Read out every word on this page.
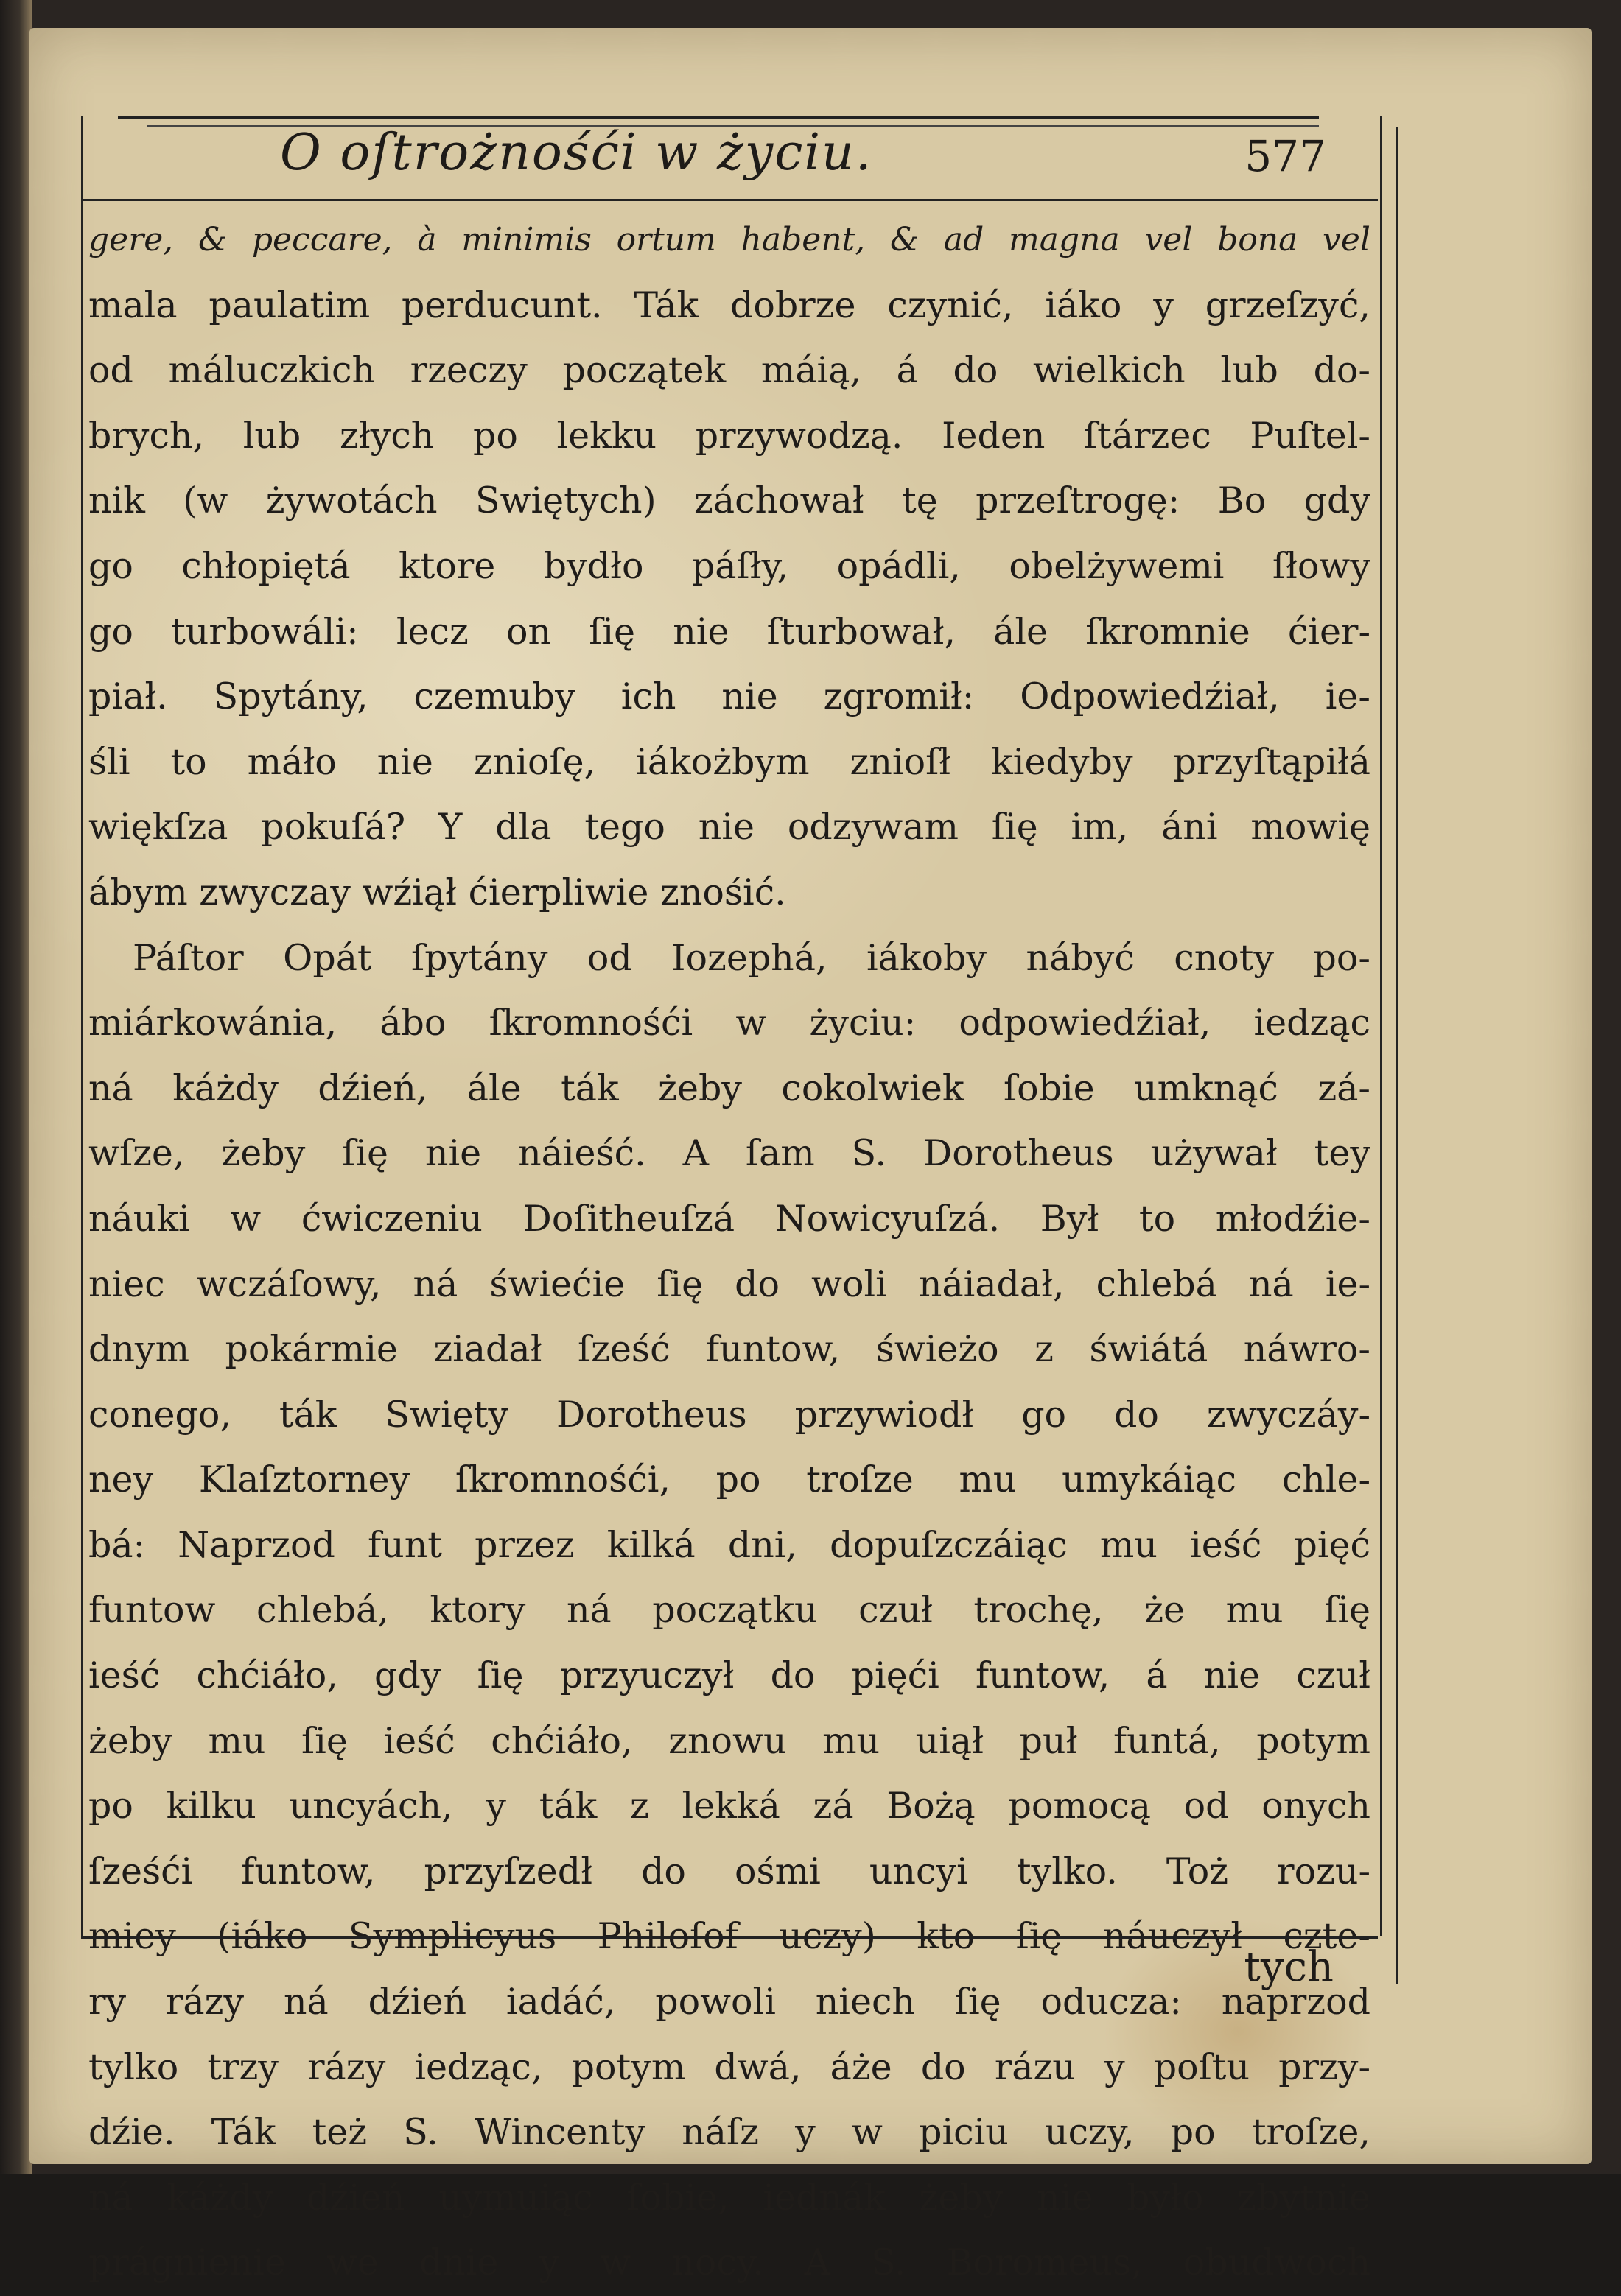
O oſtrożnośći w życiu.	577
gere, & peccare, à minimis ortum habent, & ad magna vel bona vel
mala paulatim perducunt. Ták dobrze czynić, iáko y grzeſzyć,
od máluczkich rzeczy początek máią, á do wielkich lub do-
brych, lub złych po lekku przywodzą. Ieden ſtárzec Puſtel-
nik (w żywotách Swiętych) záchował tę przeſtrogę: Bo gdy
go chłopiętá ktore bydło páſły, opádli, obelżywemi ſłowy
go turbowáli: lecz on ſię nie ſturbował, ále ſkromnie ćier-
piał. Spytány, czemuby ich nie zgromił: Odpowiedźiał, ie-
śli to máło nie znioſę, iákożbym znioſł kiedyby przyſtąpiłá
więkſza pokuſá? Y dla tego nie odzywam ſię im, áni mowię
ábym zwyczay wźiął ćierpliwie znośić.
Páſtor Opát ſpytány od Iozephá, iákoby nábyć cnoty po-
miárkowánia, ábo ſkromnośći w życiu: odpowiedźiał, iedząc
ná káżdy dźień, ále ták żeby cokolwiek ſobie umknąć zá-
wſze, żeby ſię nie náieść. A ſam S. Dorotheus używał tey
náuki w ćwiczeniu Doſitheuſzá Nowicyuſzá. Był to młodźie-
niec wczáſowy, ná świećie ſię do woli náiadał, chlebá ná ie-
dnym pokármie ziadał ſześć funtow, świeżo z świátá náwro-
conego, ták Swięty Dorotheus przywiodł go do zwyczáy-
ney Klaſztorney ſkromnośći, po troſze mu umykáiąc chle-
bá: Naprzod funt przez kilká dni, dopuſzczáiąc mu ieść pięć
funtow chlebá, ktory ná początku czuł trochę, że mu ſię
ieść chćiáło, gdy ſię przyuczył do pięći funtow, á nie czuł
żeby mu ſię ieść chćiáło, znowu mu uiął puł funtá, potym
po kilku uncyách, y ták z lekká zá Bożą pomocą od onych
ſześći funtow, przyſzedł do ośmi uncyi tylko. Toż rozu-
miey (iáko Symplicyus Philoſof uczy) kto ſię náuczył czte-
ry rázy ná dźień iadáć, powoli niech ſię oducza: naprzod
tylko trzy rázy iedząc, potym dwá, áże do rázu y poſtu przy-
dźie. Ták też S. Wincenty náſz y w piciu uczy, po troſze,
ná káżdy dźień uymuiąc ſobie, iednák żeby nie było zbytnie
prágnienie we dnie y w nocy. A S. Boromeus, obudwoch
tych
